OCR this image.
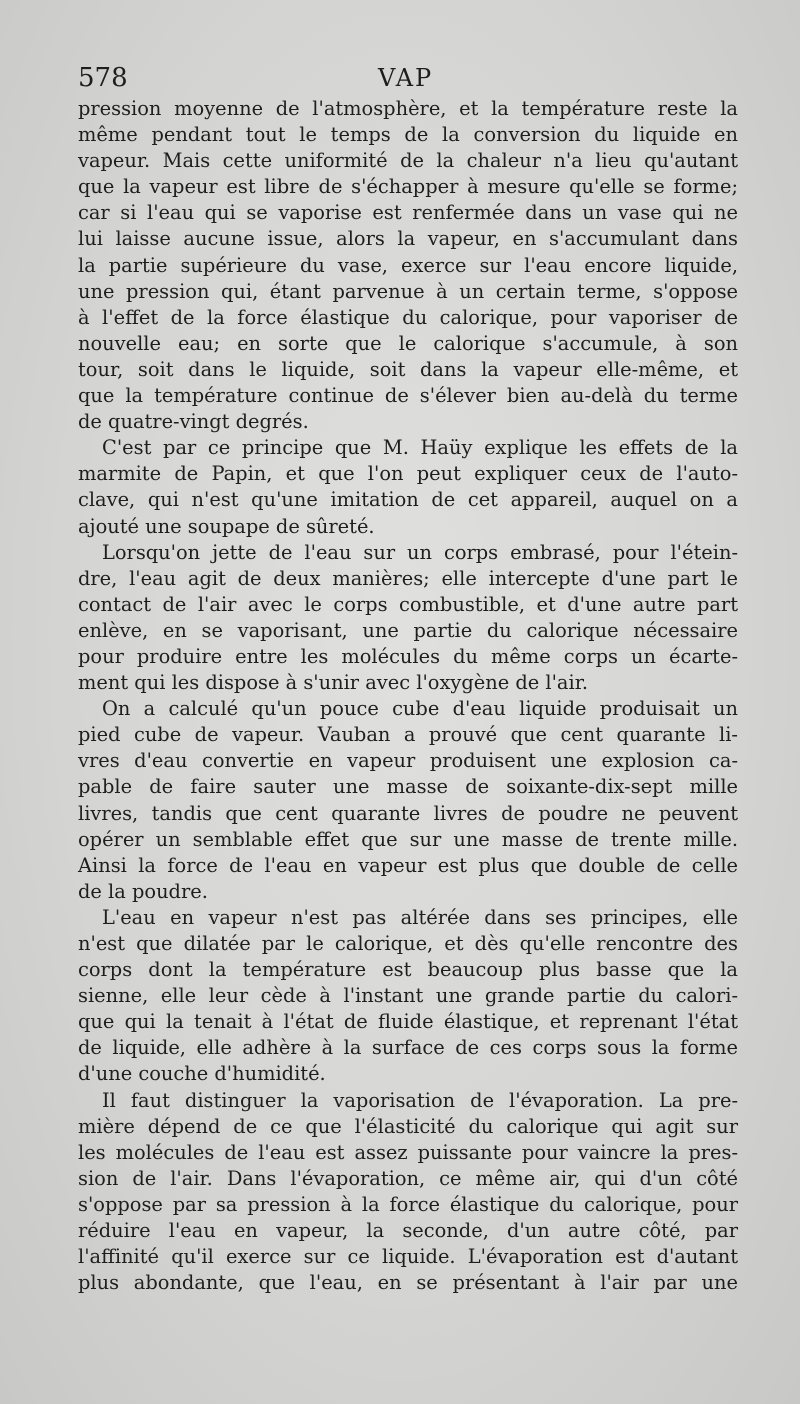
578	VAP

pression moyenne de l'atmosphère, et la température reste la

même pendant tout le temps de la conversion du liquide en

vapeur. Mais cette uniformité de la chaleur n'a lieu qu'autant

que la vapeur est libre de s'échapper à mesure qu'elle se forme;

car si l'eau qui se vaporise est renfermée dans un vase qui ne

lui laisse aucune issue, alors la vapeur, en s'accumulant dans

la partie supérieure du vase, exerce sur l'eau encore liquide,

une pression qui, étant parvenue à un certain terme, s'oppose

à l'effet de la force élastique du calorique, pour vaporiser de

nouvelle eau; en sorte que le calorique s'accumule, à son

tour, soit dans le liquide, soit dans la vapeur elle-même, et

que la température continue de s'élever bien au-delà du terme

de quatre-vingt degrés.

C'est par ce principe que M. Haüy explique les effets de la

marmite de Papin, et que l'on peut expliquer ceux de l'auto-

clave, qui n'est qu'une imitation de cet appareil, auquel on a

ajouté une soupape de sûreté.

Lorsqu'on jette de l'eau sur un corps embrasé, pour l'étein-

dre, l'eau agit de deux manières; elle intercepte d'une part le

contact de l'air avec le corps combustible, et d'une autre part

enlève, en se vaporisant, une partie du calorique nécessaire

pour produire entre les molécules du même corps un écarte-

ment qui les dispose à s'unir avec l'oxygène de l'air.

On a calculé qu'un pouce cube d'eau liquide produisait un

pied cube de vapeur. Vauban a prouvé que cent quarante li-

vres d'eau convertie en vapeur produisent une explosion ca-

pable de faire sauter une masse de soixante-dix-sept mille

livres, tandis que cent quarante livres de poudre ne peuvent

opérer un semblable effet que sur une masse de trente mille.

Ainsi la force de l'eau en vapeur est plus que double de celle

de la poudre.

L'eau en vapeur n'est pas altérée dans ses principes, elle

n'est que dilatée par le calorique, et dès qu'elle rencontre des

corps dont la température est beaucoup plus basse que la

sienne, elle leur cède à l'instant une grande partie du calori-

que qui la tenait à l'état de fluide élastique, et reprenant l'état

de liquide, elle adhère à la surface de ces corps sous la forme

d'une couche d'humidité.

Il faut distinguer la vaporisation de l'évaporation. La pre-

mière dépend de ce que l'élasticité du calorique qui agit sur

les molécules de l'eau est assez puissante pour vaincre la pres-

sion de l'air. Dans l'évaporation, ce même air, qui d'un côté

s'oppose par sa pression à la force élastique du calorique, pour

réduire l'eau en vapeur, la seconde, d'un autre côté, par

l'affinité qu'il exerce sur ce liquide. L'évaporation est d'autant

plus abondante, que l'eau, en se présentant à l'air par une
